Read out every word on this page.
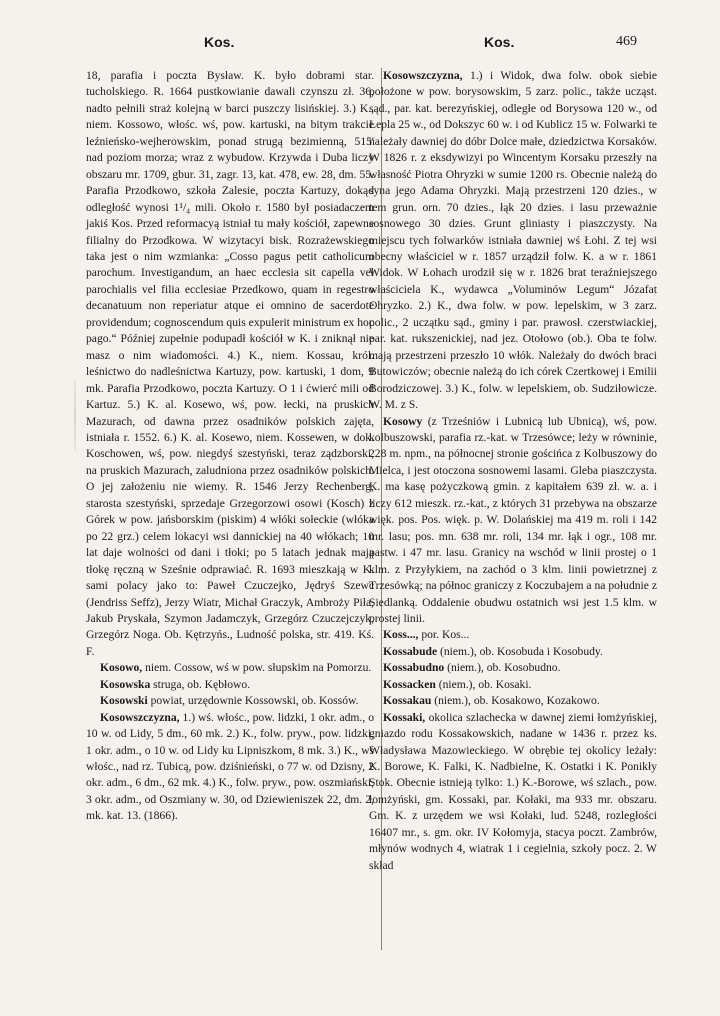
Kos.	Kos.	469

18, parafia i poczta Bysław. K. było dobrami star. tucholskiego. R. 1664 pustkowianie dawali czynszu zł. 36, nadto pełnili straż kolejną w barci puszczy lisińskiej. 3.) K., niem. Kossowo, włośc. wś, pow. kartuski, na bitym trakcie leźnieńsko-wejherowskim, ponad strugą bezimienną, 515' nad poziom morza; wraz z wybudow. Krzywda i Duba liczy obszaru mr. 1709, gbur. 31, zagr. 13, kat. 478, ew. 28, dm. 55. Parafia Przodkowo, szkoła Zalesie, poczta Kartuzy, dokąd odległość wynosi 1¹/₄ mili. Około r. 1580 był posiadaczem jakiś Kos. Przed reformacyą istniał tu mały kościół, zapewne filialny do Przodkowa. W wizytacyi bisk. Rozrażewskiego taka jest o nim wzmianka: „Cosso pagus petit catholicum parochum. Investigandum, an haec ecclesia sit capella vel parochialis vel filia ecclesiae Przedkowo, quam in regestro decanatuum non reperiatur atque ei omnino de sacerdote providendum; cognoscendum quis expulerit ministrum ex hoc pago.“ Później zupełnie podupadł kościół w K. i zniknął nie masz o nim wiadomości. 4.) K., niem. Kossau, król. leśnictwo do nadleśnictwa Kartuzy, pow. kartuski, 1 dom, 9 mk. Parafia Przodkowo, poczta Kartuzy. O 1 i ćwierć mili od Kartuz. 5.) K. al. Kosewo, wś, pow. łecki, na pruskich Mazurach, od dawna przez osadników polskich zajęta, istniała r. 1552. 6.) K. al. Kosewo, niem. Kossewen, w dok. Koschowen, wś, pow. niegdyś szestyński, teraz ządzborski, na pruskich Mazurach, zaludniona przez osadników polskich. O jej założeniu nie wiemy. R. 1546 Jerzy Rechenberg, starosta szestyński, sprzedaje Grzegorzowi osowi (Kosch) z Górek w pow. jańsborskim (piskim) 4 włóki sołeckie (włóka po 22 grz.) celem lokacyi wsi dannickiej na 40 włókach; 10 lat daje wolności od dani i tłoki; po 5 latach jednak mają tłokę ręczną w Sześnie odprawiać. R. 1693 mieszkają w K. sami polacy jako to: Paweł Czuczejko, Jędryś Szewc (Jendriss Seffz), Jerzy Wiatr, Michał Graczyk, Ambroży Piła, Jakub Pryskała, Szymon Jadamczyk, Grzegórz Czuczejczyk, Grzegórz Noga. Ob. Kętrzyńs., Ludność polska, str. 419. Kś. F.

Kosowo, niem. Cossow, wś w pow. słupskim na Pomorzu.

Kosowska struga, ob. Kębłowo.

Kosowski powiat, urzędownie Kossowski, ob. Kossów.

Kosowszczyzna, 1.) wś. włośc., pow. lidzki, 1 okr. adm., o 10 w. od Lidy, 5 dm., 60 mk. 2.) K., folw. pryw., pow. lidzki, 1 okr. adm., o 10 w. od Lidy ku Lipniszkom, 8 mk. 3.) K., wś włośc., nad rz. Tubicą, pow. dziśnieński, o 77 w. od Dzisny, 2 okr. adm., 6 dm., 62 mk. 4.) K., folw. pryw., pow. oszmiański, 3 okr. adm., od Oszmiany w. 30, od Dziewieniszek 22, dm. 2, mk. kat. 13. (1866).

Kosowszczyzna, 1.) i Widok, dwa folw. obok siebie położone w pow. borysowskim, 5 zarz. polic., także ucząst. sąd., par. kat. berezyńskiej, odległe od Borysowa 120 w., od Lepla 25 w., od Dokszyc 60 w. i od Kublicz 15 w. Folwarki te należały dawniej do dóbr Dolce małe, dziedzictwa Korsaków. W 1826 r. z eksdywizyi po Wincentym Korsaku przeszły na własność Piotra Ohryzki w sumie 1200 rs. Obecnie należą do syna jego Adama Ohryzki. Mają przestrzeni 120 dzies., w tem grun. orn. 70 dzies., łąk 20 dzies. i lasu przeważnie sosnowego 30 dzies. Grunt gliniasty i piaszczysty. Na miejscu tych folwarków istniała dawniej wś Łohi. Z tej wsi obecny właściciel w r. 1857 urządził folw. K. a w r. 1861 Widok. W Łohach urodził się w r. 1826 brat teraźniejszego właściciela K., wydawca „Voluminów Legum“ Józafat Ohryzko. 2.) K., dwa folw. w pow. lepelskim, w 3 zarz. polic., 2 uczątku sąd., gminy i par. prawosł. czerstwiackiej, par. kat. rukszenickiej, nad jez. Otołowo (ob.). Oba te folw. mają przestrzeni przeszło 10 włók. Należały do dwóch braci Butowiczów; obecnie należą do ich córek Czertkowej i Emilii Borodziczowej. 3.) K., folw. w lepelskiem, ob. Sudziłowicze. W. M. z S.

Kosowy (z Trześniów i Lubnicą lub Ubnicą), wś, pow. kolbuszowski, parafia rz.-kat. w Trzesówce; leży w równinie, 228 m. npm., na północnej stronie gościńca z Kolbuszowy do Mielca, i jest otoczona sosnowemi lasami. Gleba piaszczysta. K. ma kasę pożyczkową gmin. z kapitałem 639 zł. w. a. i liczy 612 mieszk. rz.-kat., z których 31 przebywa na obszarze więk. pos. Pos. więk. p. W. Dolańskiej ma 419 m. roli i 142 mr. lasu; pos. mn. 638 mr. roli, 134 mr. łąk i ogr., 108 mr. pastw. i 47 mr. lasu. Granicy na wschód w linii prostej o 1 klm. z Przyłykiem, na zachód o 3 klm. linii powietrznej z Trzesówką; na północ graniczy z Koczubajem a na południe z Siedlanką. Oddalenie obudwu ostatnich wsi jest 1.5 klm. w prostej linii.

Koss..., por. Kos...

Kossabude (niem.), ob. Kosobuda i Kosobudy.

Kossabudno (niem.), ob. Kosobudno.

Kossacken (niem.), ob. Kosaki.

Kossakau (niem.), ob. Kosakowo, Kozakowo.

Kossaki, okolica szlachecka w dawnej ziemi łomżyńskiej, gniazdo rodu Kossakowskich, nadane w 1436 r. przez ks. Władysława Mazowieckiego. W obrębie tej okolicy leżały: K. Borowe, K. Falki, K. Nadbielne, K. Ostatki i K. Ponikły Stok. Obecnie istnieją tylko: 1.) K.-Borowe, wś szlach., pow. łomżyński, gm. Kossaki, par. Kołaki, ma 933 mr. obszaru. Gm. K. z urzędem we wsi Kołaki, lud. 5248, rozległości 16407 mr., s. gm. okr. IV Kołomyja, stacya poczt. Zambrów, młynów wodnych 4, wiatrak 1 i cegielnia, szkoły pocz. 2. W skład
